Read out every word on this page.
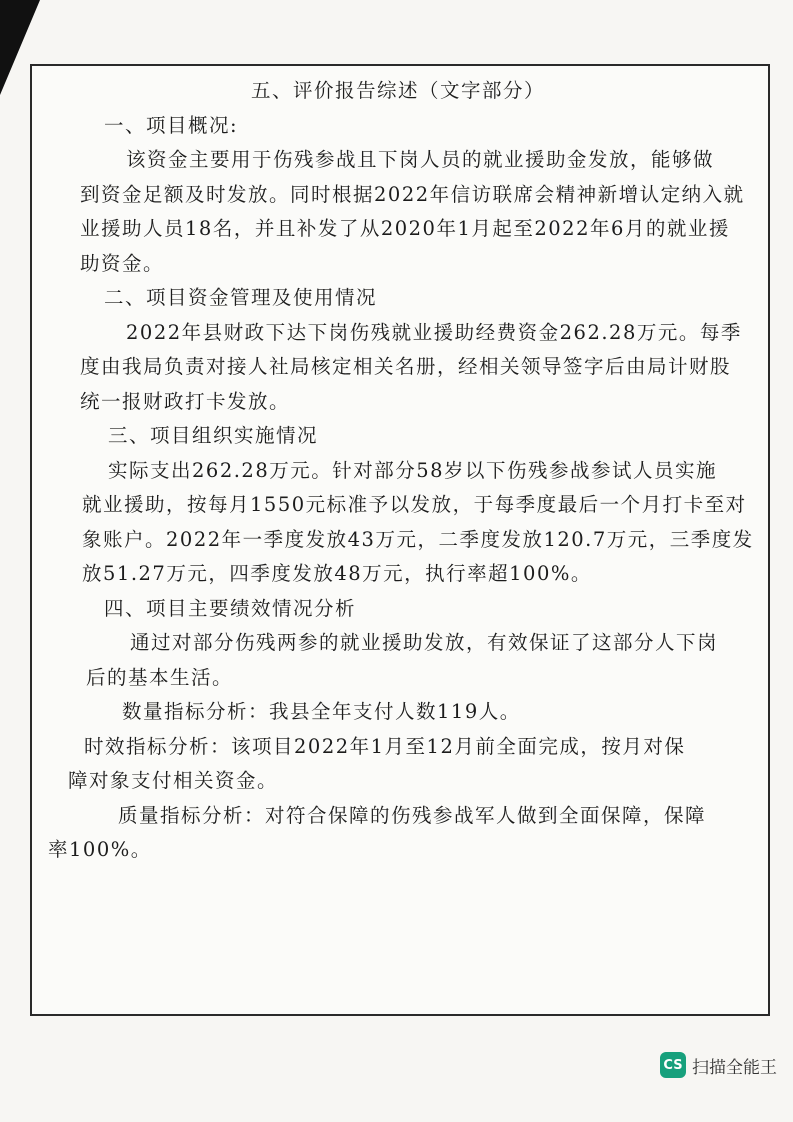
五、评价报告综述（文字部分）

一、项目概况:

该资金主要用于伤残参战且下岗人员的就业援助金发放，能够做

到资金足额及时发放。同时根据2022年信访联席会精神新增认定纳入就

业援助人员18名，并且补发了从2020年1月起至2022年6月的就业援

助资金。

二、项目资金管理及使用情况

2022年县财政下达下岗伤残就业援助经费资金262.28万元。每季

度由我局负责对接人社局核定相关名册，经相关领导签字后由局计财股

统一报财政打卡发放。

三、项目组织实施情况

实际支出262.28万元。针对部分58岁以下伤残参战参试人员实施

就业援助，按每月1550元标准予以发放，于每季度最后一个月打卡至对

象账户。2022年一季度发放43万元，二季度发放120.7万元，三季度发

放51.27万元，四季度发放48万元，执行率超100%。

四、项目主要绩效情况分析

通过对部分伤残两参的就业援助发放，有效保证了这部分人下岗

后的基本生活。

数量指标分析：我县全年支付人数119人。

时效指标分析：该项目2022年1月至12月前全面完成，按月对保

障对象支付相关资金。

质量指标分析：对符合保障的伤残参战军人做到全面保障，保障

率100%。

CS 扫描全能王
